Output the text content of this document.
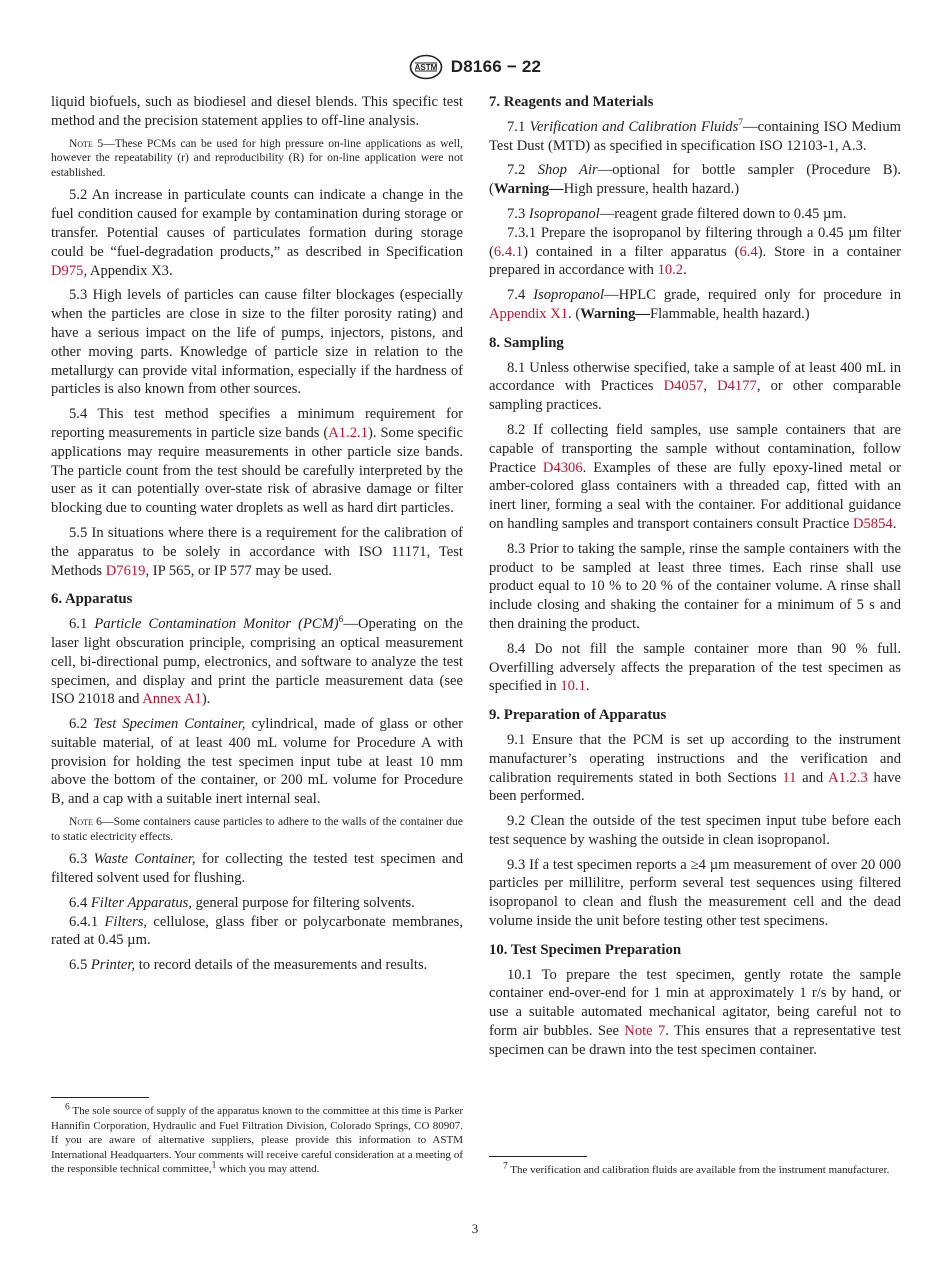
ASTM D8166 − 22

liquid biofuels, such as biodiesel and diesel blends. This specific test method and the precision statement applies to off-line analysis.

Note 5—These PCMs can be used for high pressure on-line applications as well, however the repeatability (r) and reproducibility (R) for on-line application were not established.

5.2 An increase in particulate counts can indicate a change in the fuel condition caused for example by contamination during storage or transfer. Potential causes of particulates formation during storage could be “fuel-degradation products,” as described in Specification D975, Appendix X3.

5.3 High levels of particles can cause filter blockages (especially when the particles are close in size to the filter porosity rating) and have a serious impact on the life of pumps, injectors, pistons, and other moving parts. Knowledge of particle size in relation to the metallurgy can provide vital information, especially if the hardness of particles is also known from other sources.

5.4 This test method specifies a minimum requirement for reporting measurements in particle size bands (A1.2.1). Some specific applications may require measurements in other particle size bands. The particle count from the test should be carefully interpreted by the user as it can potentially over-state risk of abrasive damage or filter blocking due to counting water droplets as well as hard dirt particles.

5.5 In situations where there is a requirement for the calibration of the apparatus to be solely in accordance with ISO 11171, Test Methods D7619, IP 565, or IP 577 may be used.

6. Apparatus

6.1 Particle Contamination Monitor (PCM)$^6$—Operating on the laser light obscuration principle, comprising an optical measurement cell, bi-directional pump, electronics, and software to analyze the test specimen, and display and print the particle measurement data (see ISO 21018 and Annex A1).

6.2 Test Specimen Container, cylindrical, made of glass or other suitable material, of at least 400 mL volume for Procedure A with provision for holding the test specimen input tube at least 10 mm above the bottom of the container, or 200 mL volume for Procedure B, and a cap with a suitable inert internal seal.

Note 6—Some containers cause particles to adhere to the walls of the container due to static electricity effects.

6.3 Waste Container, for collecting the tested test specimen and filtered solvent used for flushing.

6.4 Filter Apparatus, general purpose for filtering solvents.

6.4.1 Filters, cellulose, glass fiber or polycarbonate membranes, rated at 0.45 µm.

6.5 Printer, to record details of the measurements and results.

7. Reagents and Materials

7.1 Verification and Calibration Fluids$^7$—containing ISO Medium Test Dust (MTD) as specified in specification ISO 12103-1, A.3.

7.2 Shop Air—optional for bottle sampler (Procedure B). (Warning—High pressure, health hazard.)

7.3 Isopropanol—reagent grade filtered down to 0.45 µm.

7.3.1 Prepare the isopropanol by filtering through a 0.45 µm filter (6.4.1) contained in a filter apparatus (6.4). Store in a container prepared in accordance with 10.2.

7.4 Isopropanol—HPLC grade, required only for procedure in Appendix X1. (Warning—Flammable, health hazard.)

8. Sampling

8.1 Unless otherwise specified, take a sample of at least 400 mL in accordance with Practices D4057, D4177, or other comparable sampling practices.

8.2 If collecting field samples, use sample containers that are capable of transporting the sample without contamination, follow Practice D4306. Examples of these are fully epoxy-lined metal or amber-colored glass containers with a threaded cap, fitted with an inert liner, forming a seal with the container. For additional guidance on handling samples and transport containers consult Practice D5854.

8.3 Prior to taking the sample, rinse the sample containers with the product to be sampled at least three times. Each rinse shall use product equal to 10 % to 20 % of the container volume. A rinse shall include closing and shaking the container for a minimum of 5 s and then draining the product.

8.4 Do not fill the sample container more than 90 % full. Overfilling adversely affects the preparation of the test specimen as specified in 10.1.

9. Preparation of Apparatus

9.1 Ensure that the PCM is set up according to the instrument manufacturer’s operating instructions and the verification and calibration requirements stated in both Sections 11 and A1.2.3 have been performed.

9.2 Clean the outside of the test specimen input tube before each test sequence by washing the outside in clean isopropanol.

9.3 If a test specimen reports a ≥4 µm measurement of over 20 000 particles per millilitre, perform several test sequences using filtered isopropanol to clean and flush the measurement cell and the dead volume inside the unit before testing other test specimens.

10. Test Specimen Preparation

10.1 To prepare the test specimen, gently rotate the sample container end-over-end for 1 min at approximately 1 r/s by hand, or use a suitable automated mechanical agitator, being careful not to form air bubbles. See Note 7. This ensures that a representative test specimen can be drawn into the test specimen container.

$^6$ The sole source of supply of the apparatus known to the committee at this time is Parker Hannifin Corporation, Hydraulic and Fuel Filtration Division, Colorado Springs, CO 80907. If you are aware of alternative suppliers, please provide this information to ASTM International Headquarters. Your comments will receive careful consideration at a meeting of the responsible technical committee,$^1$ which you may attend.	$^7$ The verification and calibration fluids are available from the instrument manufacturer.
3
